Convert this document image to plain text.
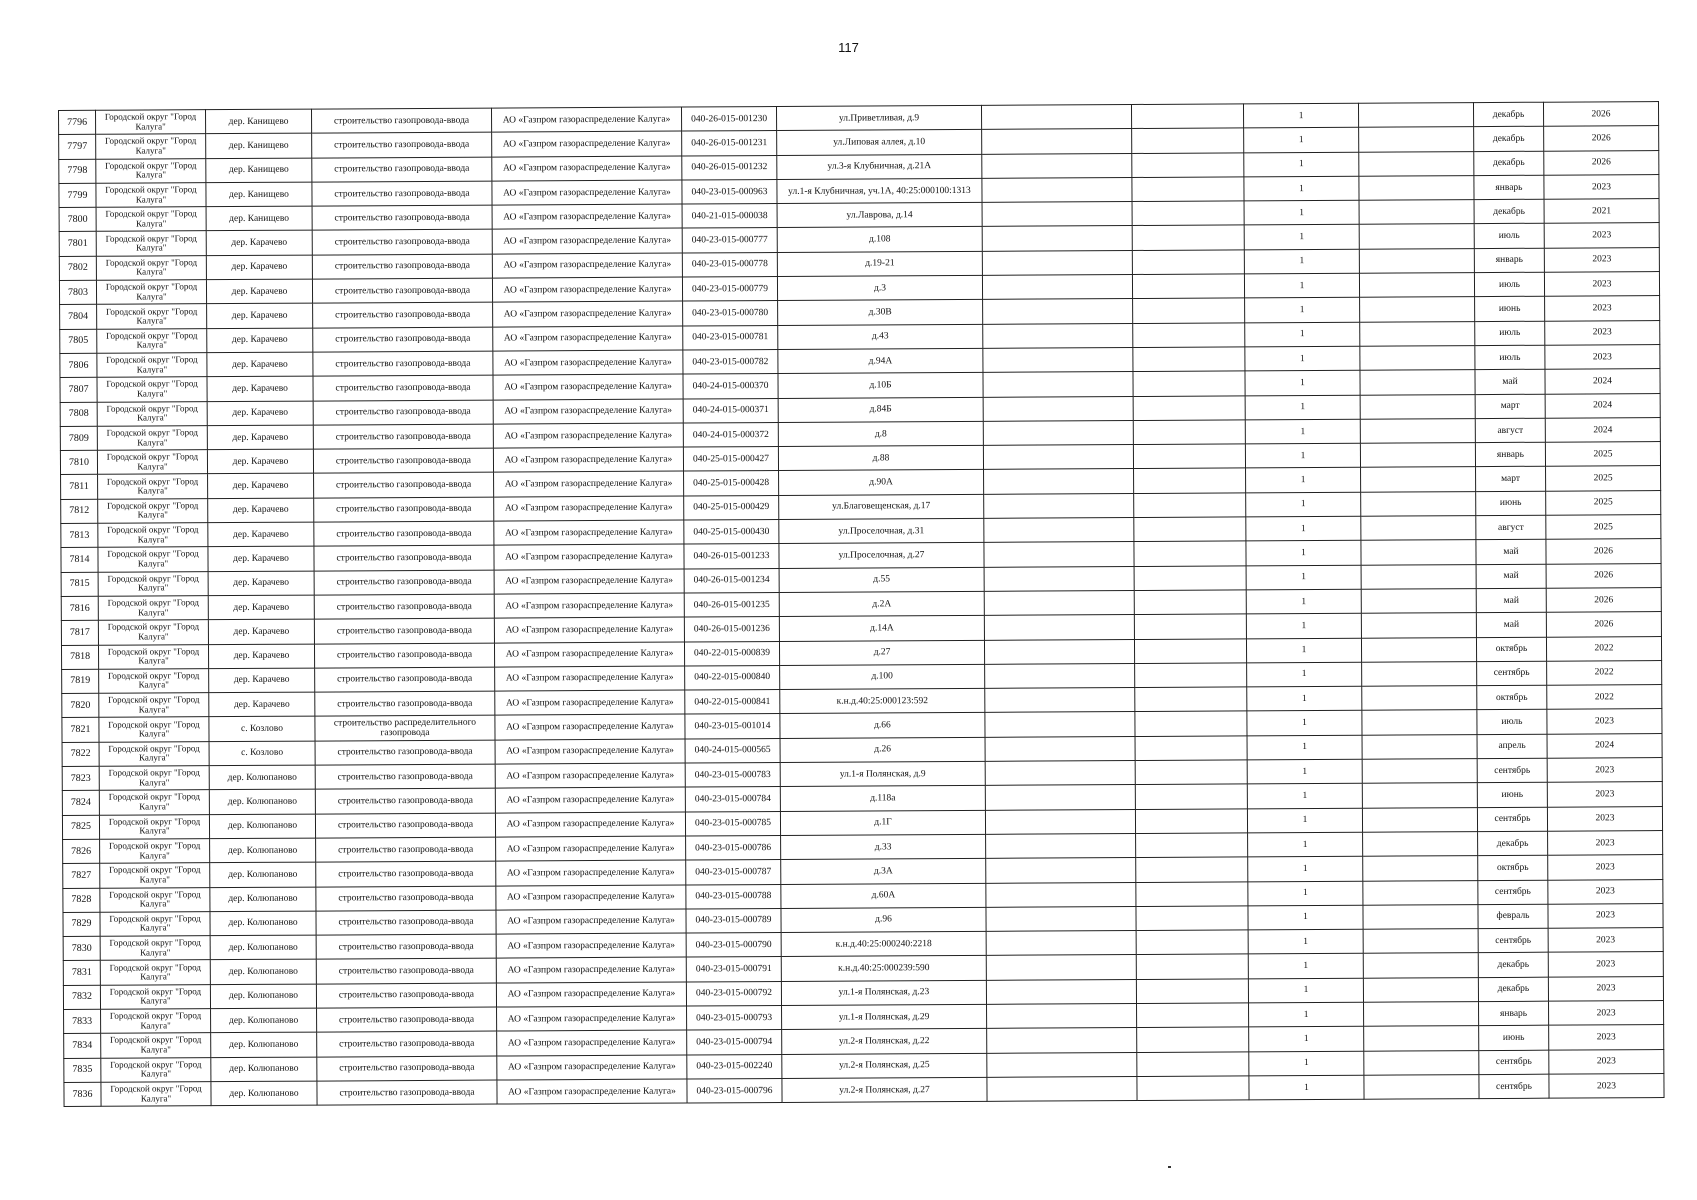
117
7796	Городской округ "Город Калуга"	дер. Канищево	строительство газопровода-ввода	АО «Газпром газораспределение Калуга»	040-26-015-001230	ул.Приветливая, д.9			1		декабрь	2026
7797	Городской округ "Город Калуга"	дер. Канищево	строительство газопровода-ввода	АО «Газпром газораспределение Калуга»	040-26-015-001231	ул.Липовая аллея, д.10			1		декабрь	2026
7798	Городской округ "Город Калуга"	дер. Канищево	строительство газопровода-ввода	АО «Газпром газораспределение Калуга»	040-26-015-001232	ул.3-я Клубничная, д.21А			1		декабрь	2026
7799	Городской округ "Город Калуга"	дер. Канищево	строительство газопровода-ввода	АО «Газпром газораспределение Калуга»	040-23-015-000963	ул.1-я Клубничная, уч.1А, 40:25:000100:1313			1		январь	2023
7800	Городской округ "Город Калуга"	дер. Канищево	строительство газопровода-ввода	АО «Газпром газораспределение Калуга»	040-21-015-000038	ул.Лаврова, д.14			1		декабрь	2021
7801	Городской округ "Город Калуга"	дер. Карачево	строительство газопровода-ввода	АО «Газпром газораспределение Калуга»	040-23-015-000777	д.108			1		июль	2023
7802	Городской округ "Город Калуга"	дер. Карачево	строительство газопровода-ввода	АО «Газпром газораспределение Калуга»	040-23-015-000778	д.19-21			1		январь	2023
7803	Городской округ "Город Калуга"	дер. Карачево	строительство газопровода-ввода	АО «Газпром газораспределение Калуга»	040-23-015-000779	д.3			1		июль	2023
7804	Городской округ "Город Калуга"	дер. Карачево	строительство газопровода-ввода	АО «Газпром газораспределение Калуга»	040-23-015-000780	д.30В			1		июнь	2023
7805	Городской округ "Город Калуга"	дер. Карачево	строительство газопровода-ввода	АО «Газпром газораспределение Калуга»	040-23-015-000781	д.43			1		июль	2023
7806	Городской округ "Город Калуга"	дер. Карачево	строительство газопровода-ввода	АО «Газпром газораспределение Калуга»	040-23-015-000782	д.94А			1		июль	2023
7807	Городской округ "Город Калуга"	дер. Карачево	строительство газопровода-ввода	АО «Газпром газораспределение Калуга»	040-24-015-000370	д.10Б			1		май	2024
7808	Городской округ "Город Калуга"	дер. Карачево	строительство газопровода-ввода	АО «Газпром газораспределение Калуга»	040-24-015-000371	д.84Б			1		март	2024
7809	Городской округ "Город Калуга"	дер. Карачево	строительство газопровода-ввода	АО «Газпром газораспределение Калуга»	040-24-015-000372	д.8			1		август	2024
7810	Городской округ "Город Калуга"	дер. Карачево	строительство газопровода-ввода	АО «Газпром газораспределение Калуга»	040-25-015-000427	д.88			1		январь	2025
7811	Городской округ "Город Калуга"	дер. Карачево	строительство газопровода-ввода	АО «Газпром газораспределение Калуга»	040-25-015-000428	д.90А			1		март	2025
7812	Городской округ "Город Калуга"	дер. Карачево	строительство газопровода-ввода	АО «Газпром газораспределение Калуга»	040-25-015-000429	ул.Благовещенская, д.17			1		июнь	2025
7813	Городской округ "Город Калуга"	дер. Карачево	строительство газопровода-ввода	АО «Газпром газораспределение Калуга»	040-25-015-000430	ул.Проселочная, д.31			1		август	2025
7814	Городской округ "Город Калуга"	дер. Карачево	строительство газопровода-ввода	АО «Газпром газораспределение Калуга»	040-26-015-001233	ул.Проселочная, д.27			1		май	2026
7815	Городской округ "Город Калуга"	дер. Карачево	строительство газопровода-ввода	АО «Газпром газораспределение Калуга»	040-26-015-001234	д.55			1		май	2026
7816	Городской округ "Город Калуга"	дер. Карачево	строительство газопровода-ввода	АО «Газпром газораспределение Калуга»	040-26-015-001235	д.2А			1		май	2026
7817	Городской округ "Город Калуга"	дер. Карачево	строительство газопровода-ввода	АО «Газпром газораспределение Калуга»	040-26-015-001236	д.14А			1		май	2026
7818	Городской округ "Город Калуга"	дер. Карачево	строительство газопровода-ввода	АО «Газпром газораспределение Калуга»	040-22-015-000839	д.27			1		октябрь	2022
7819	Городской округ "Город Калуга"	дер. Карачево	строительство газопровода-ввода	АО «Газпром газораспределение Калуга»	040-22-015-000840	д.100			1		сентябрь	2022
7820	Городской округ "Город Калуга"	дер. Карачево	строительство газопровода-ввода	АО «Газпром газораспределение Калуга»	040-22-015-000841	к.н.д.40:25:000123:592			1		октябрь	2022
7821	Городской округ "Город Калуга"	с. Козлово	строительство распределительного газопровода	АО «Газпром газораспределение Калуга»	040-23-015-001014	д.66			1		июль	2023
7822	Городской округ "Город Калуга"	с. Козлово	строительство газопровода-ввода	АО «Газпром газораспределение Калуга»	040-24-015-000565	д.26			1		апрель	2024
7823	Городской округ "Город Калуга"	дер. Колюпаново	строительство газопровода-ввода	АО «Газпром газораспределение Калуга»	040-23-015-000783	ул.1-я Полянская, д.9			1		сентябрь	2023
7824	Городской округ "Город Калуга"	дер. Колюпаново	строительство газопровода-ввода	АО «Газпром газораспределение Калуга»	040-23-015-000784	д.118а			1		июнь	2023
7825	Городской округ "Город Калуга"	дер. Колюпаново	строительство газопровода-ввода	АО «Газпром газораспределение Калуга»	040-23-015-000785	д.1Г			1		сентябрь	2023
7826	Городской округ "Город Калуга"	дер. Колюпаново	строительство газопровода-ввода	АО «Газпром газораспределение Калуга»	040-23-015-000786	д.33			1		декабрь	2023
7827	Городской округ "Город Калуга"	дер. Колюпаново	строительство газопровода-ввода	АО «Газпром газораспределение Калуга»	040-23-015-000787	д.3А			1		октябрь	2023
7828	Городской округ "Город Калуга"	дер. Колюпаново	строительство газопровода-ввода	АО «Газпром газораспределение Калуга»	040-23-015-000788	д.60А			1		сентябрь	2023
7829	Городской округ "Город Калуга"	дер. Колюпаново	строительство газопровода-ввода	АО «Газпром газораспределение Калуга»	040-23-015-000789	д.96			1		февраль	2023
7830	Городской округ "Город Калуга"	дер. Колюпаново	строительство газопровода-ввода	АО «Газпром газораспределение Калуга»	040-23-015-000790	к.н.д.40:25:000240:2218			1		сентябрь	2023
7831	Городской округ "Город Калуга"	дер. Колюпаново	строительство газопровода-ввода	АО «Газпром газораспределение Калуга»	040-23-015-000791	к.н.д.40:25:000239:590			1		декабрь	2023
7832	Городской округ "Город Калуга"	дер. Колюпаново	строительство газопровода-ввода	АО «Газпром газораспределение Калуга»	040-23-015-000792	ул.1-я Полянская, д.23			1		декабрь	2023
7833	Городской округ "Город Калуга"	дер. Колюпаново	строительство газопровода-ввода	АО «Газпром газораспределение Калуга»	040-23-015-000793	ул.1-я Полянская, д.29			1		январь	2023
7834	Городской округ "Город Калуга"	дер. Колюпаново	строительство газопровода-ввода	АО «Газпром газораспределение Калуга»	040-23-015-000794	ул.2-я Полянская, д.22			1		июнь	2023
7835	Городской округ "Город Калуга"	дер. Колюпаново	строительство газопровода-ввода	АО «Газпром газораспределение Калуга»	040-23-015-002240	ул.2-я Полянская, д.25			1		сентябрь	2023
7836	Городской округ "Город Калуга"	дер. Колюпаново	строительство газопровода-ввода	АО «Газпром газораспределение Калуга»	040-23-015-000796	ул.2-я Полянская, д.27			1		сентябрь	2023
